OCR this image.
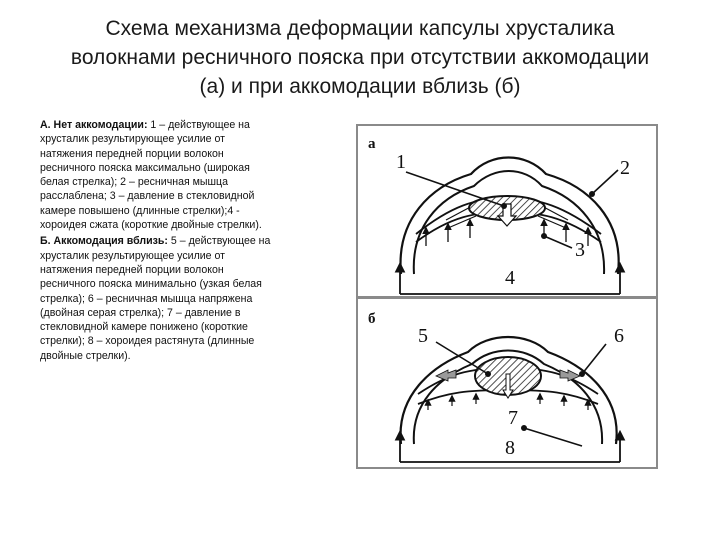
Схема механизма деформации капсулы хрусталика
волокнами ресничного пояска при отсутствии аккомодации
(а) и при аккомодации вблизь (б)

А. Нет аккомодации: 1 – действующее на хрусталик результирующее усилие от натяжения передней порции волокон ресничного пояска максимально (широкая белая стрелка); 2 – ресничная мышца расслаблена; 3 – давление в стекловидной камере повышено (длинные стрелки);4 - хороидея сжата (короткие двойные стрелки).

Б. Аккомодация вблизь: 5 – действующее на хрусталик результирующее усилие от натяжения передней порции волокон ресничного пояска минимально (узкая белая стрелка); 6 – ресничная мышца напряжена (двойная серая стрелка); 7 – давление в стекловидной камере понижено (короткие стрелки); 8 – хороидея растянута (длинные двойные стрелки).

а
1	2
3
4
б
5	6
7
8
